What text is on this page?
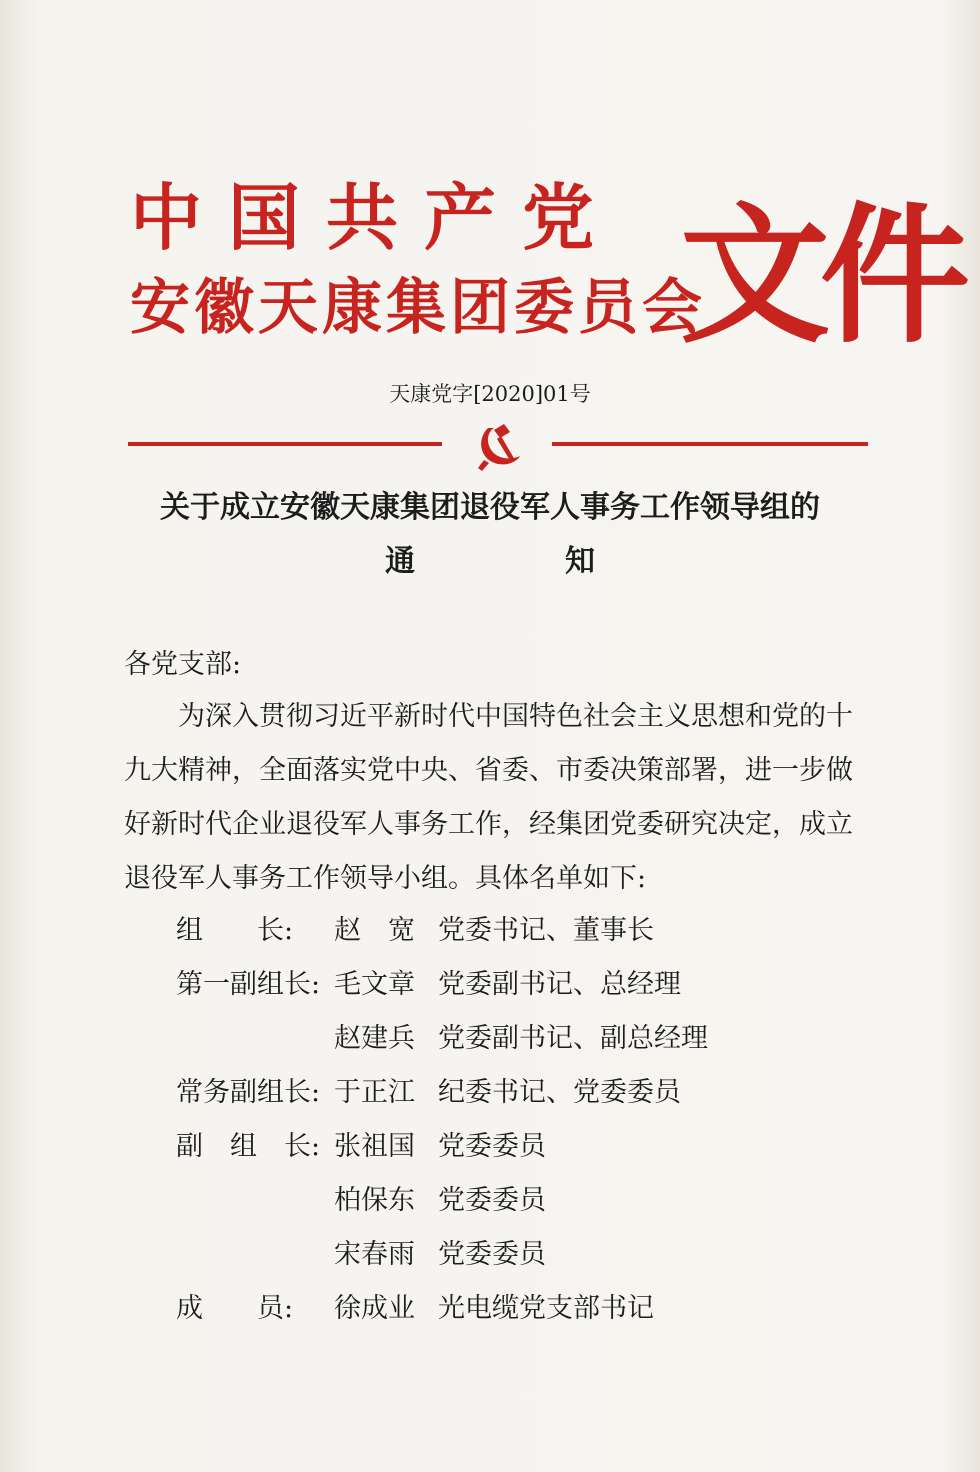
中国共产党
安徽天康集团委员会
文件
天康党字[2020]01号
关于成立安徽天康集团退役军人事务工作领导组的
通	知
各党支部:
为深入贯彻习近平新时代中国特色社会主义思想和党的十九大精神，全面落实党中央、省委、市委决策部署，进一步做好新时代企业退役军人事务工作，经集团党委研究决定，成立退役军人事务工作领导小组。具体名单如下:
组　　长:	赵　宽 党委书记、董事长
第一副组长: 毛文章 党委副书记、总经理
赵建兵 党委副书记、副总经理
常务副组长: 于正江 纪委书记、党委委员
副　组　长: 张祖国 党委委员
柏保东 党委委员
宋春雨 党委委员
成　　员:	徐成业 光电缆党支部书记
